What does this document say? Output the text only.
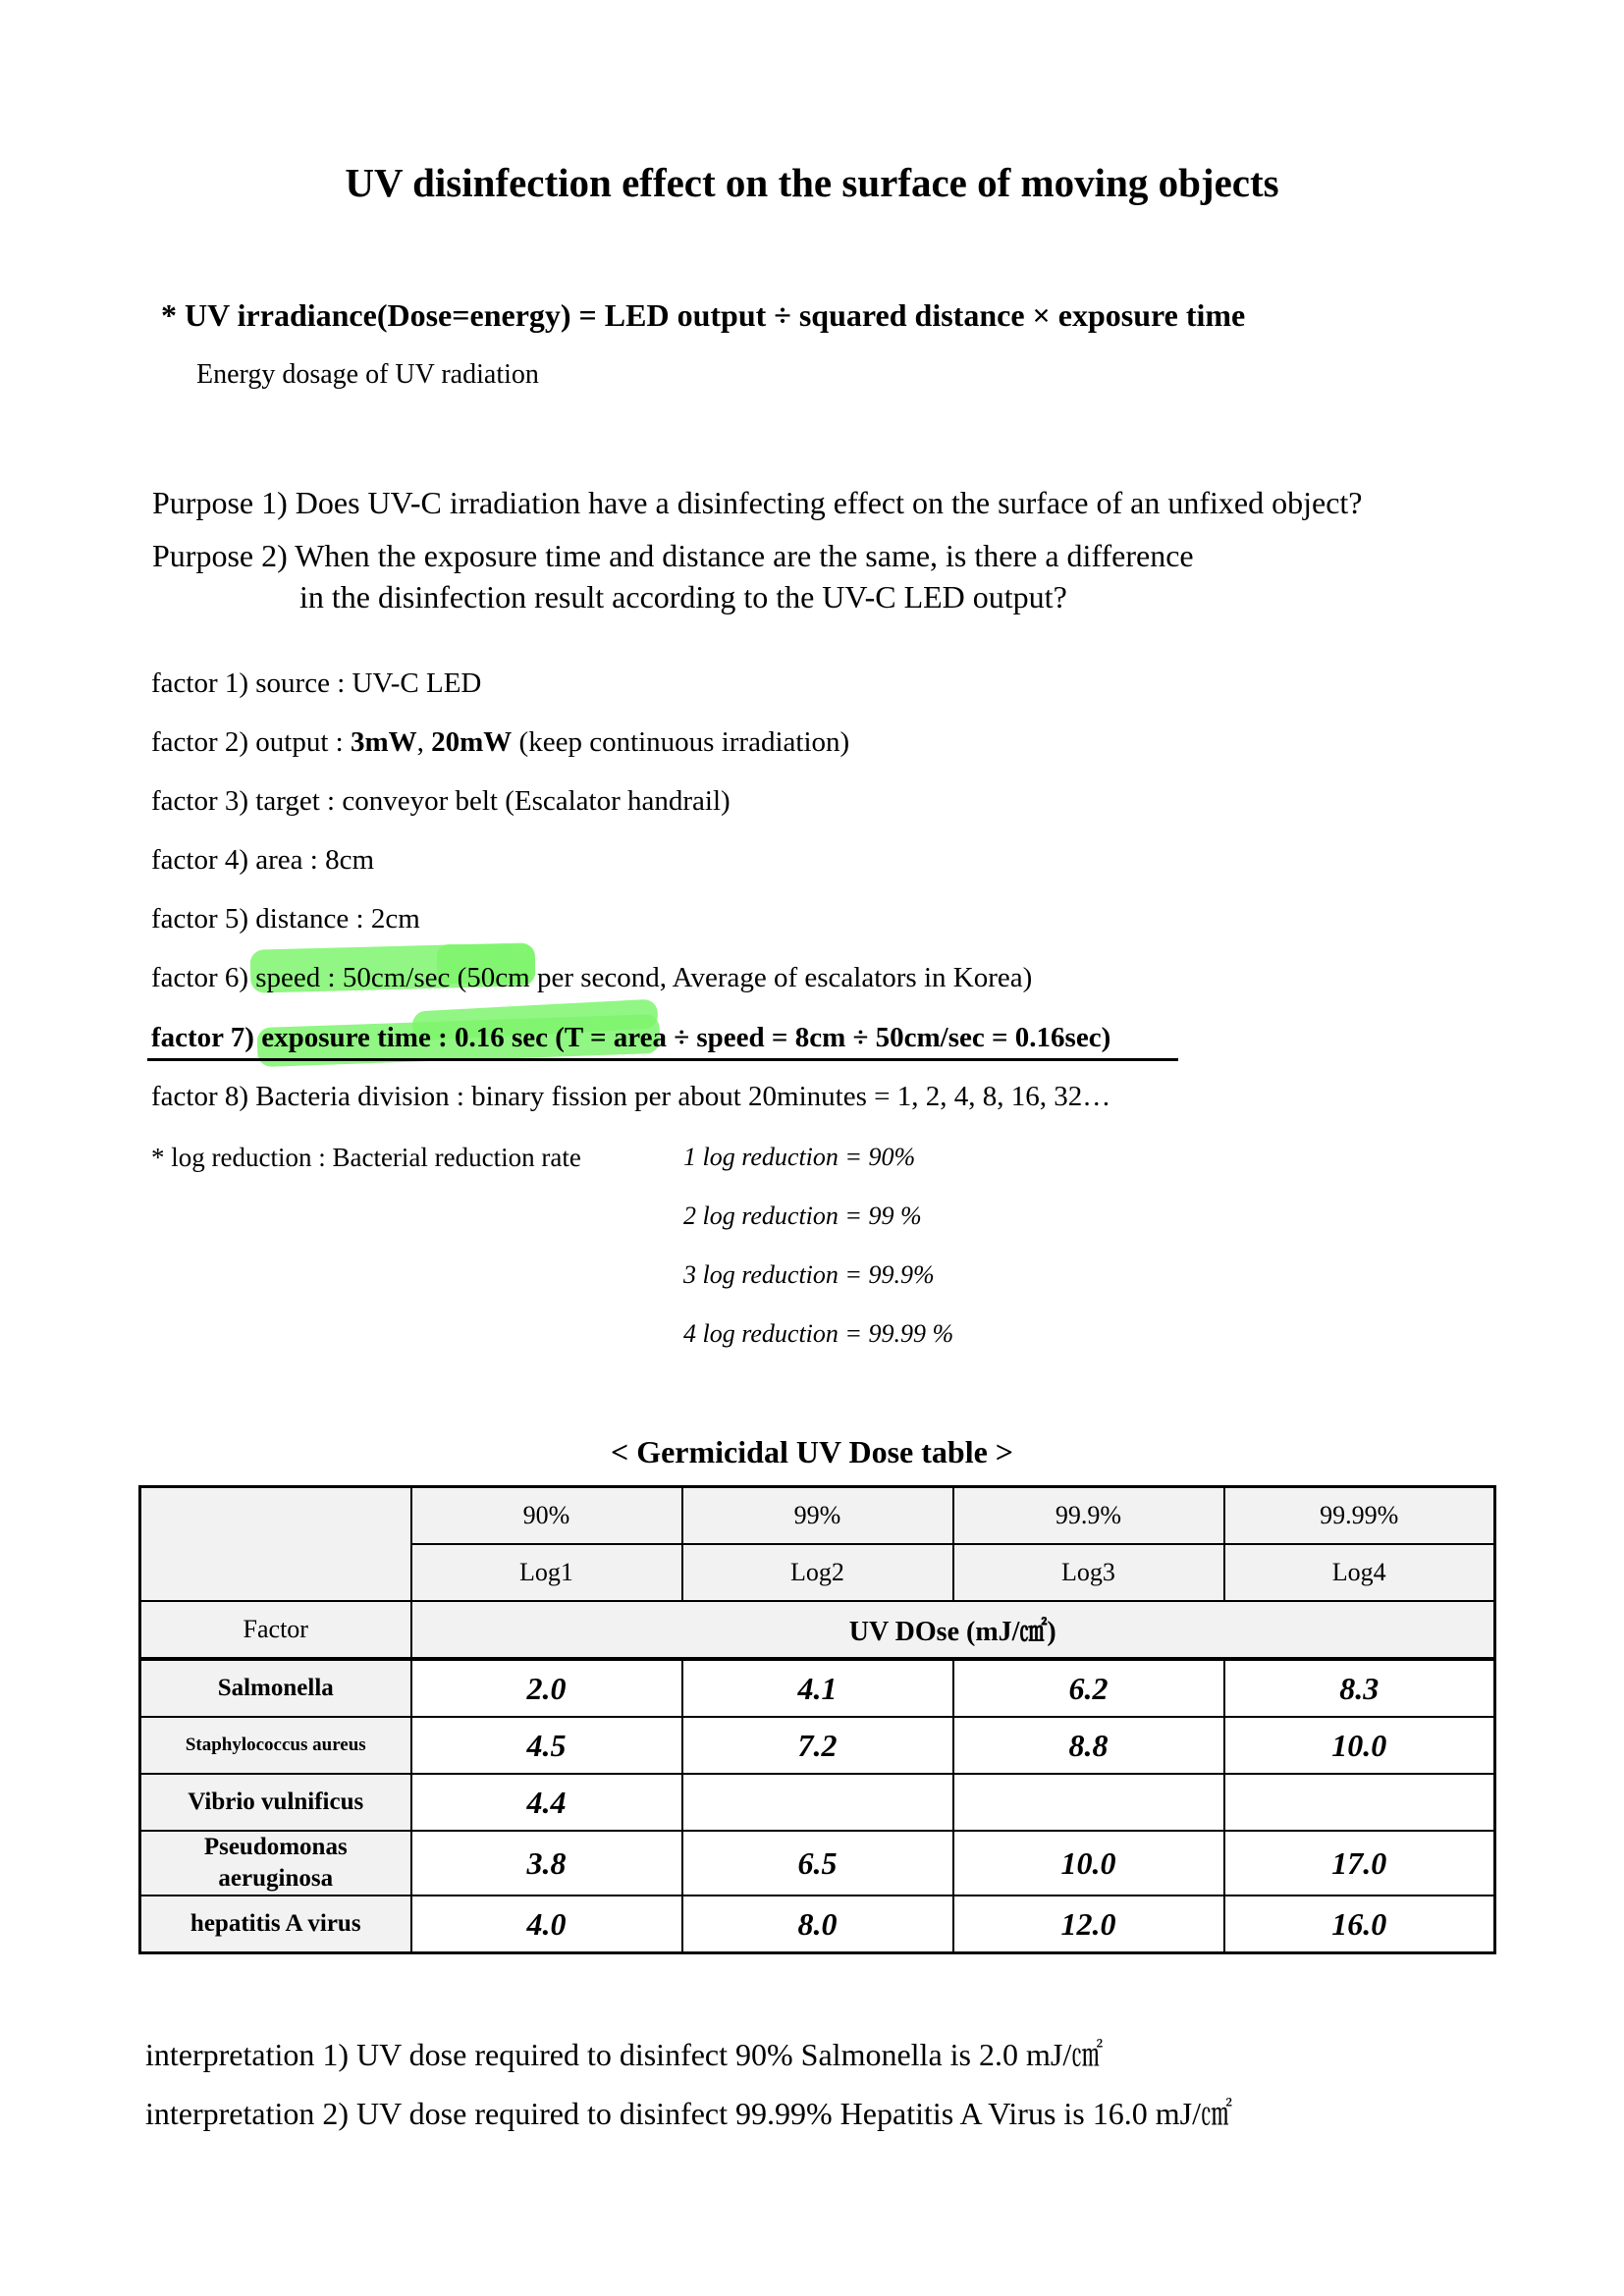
UV disinfection effect on the surface of moving objects
* UV irradiance(Dose=energy) = LED output ÷ squared distance × exposure time
Energy dosage of UV radiation
Purpose 1) Does UV-C irradiation have a disinfecting effect on the surface of an unfixed object?
Purpose 2) When the exposure time and distance are the same, is there a difference
in the disinfection result according to the UV-C LED output?
factor 1) source : UV-C LED
factor 2) output : 3mW, 20mW (keep continuous irradiation)
factor 3) target : conveyor belt (Escalator handrail)
factor 4) area : 8cm
factor 5) distance : 2cm
factor 6) speed : 50cm/sec (50cm per second, Average of escalators in Korea)
factor 7) exposure time : 0.16 sec (T = area ÷ speed = 8cm ÷ 50cm/sec = 0.16sec)
factor 8) Bacteria division : binary fission per about 20minutes = 1, 2, 4, 8, 16, 32…
* log reduction : Bacterial reduction rate	1 log reduction = 90%
2 log reduction = 99 %
3 log reduction = 99.9%
4 log reduction = 99.99 %
< Germicidal UV Dose table >
	90%	99%	99.9%	99.99%
	Log1	Log2	Log3	Log4
Factor	UV DOse (mJ/㎠)			
Salmonella	2.0	4.1	6.2	8.3
Staphylococcus aureus	4.5	7.2	8.8	10.0
Vibrio vulnificus	4.4			
Pseudomonas aeruginosa	3.8	6.5	10.0	17.0
hepatitis A virus	4.0	8.0	12.0	16.0
interpretation 1) UV dose required to disinfect 90% Salmonella is 2.0 mJ/㎠
interpretation 2) UV dose required to disinfect 99.99% Hepatitis A Virus is 16.0 mJ/㎠
